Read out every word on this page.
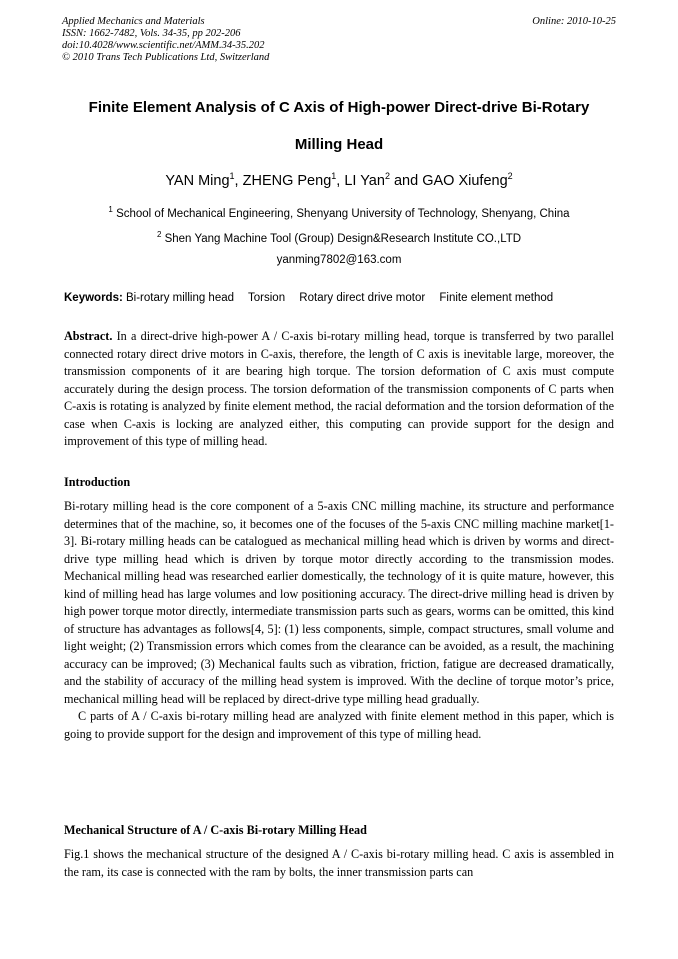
Applied Mechanics and Materials
ISSN: 1662-7482, Vols. 34-35, pp 202-206
doi:10.4028/www.scientific.net/AMM.34-35.202
© 2010 Trans Tech Publications Ltd, Switzerland
Online: 2010-10-25
Finite Element Analysis of C Axis of High-power Direct-drive Bi-Rotary
Milling Head
YAN Ming$^1$, ZHENG Peng$^1$, LI Yan$^2$ and GAO Xiufeng$^2$
$^1$ School of Mechanical Engineering, Shenyang University of Technology, Shenyang, China
$^2$ Shen Yang Machine Tool (Group) Design&Research Institute CO.,LTD
yanming7802@163.com
Keywords: Bi-rotary milling head Torsion Rotary direct drive motor Finite element method

Abstract. In a direct-drive high-power A / C-axis bi-rotary milling head, torque is transferred by two parallel connected rotary direct drive motors in C-axis, therefore, the length of C axis is inevitable large, moreover, the transmission components of it are bearing high torque. The torsion deformation of C axis must compute accurately during the design process. The torsion deformation of the transmission components of C parts when C-axis is rotating is analyzed by finite element method, the racial deformation and the torsion deformation of the case when C-axis is locking are analyzed either, this computing can provide support for the design and improvement of this type of milling head.

Introduction

Bi-rotary milling head is the core component of a 5-axis CNC milling machine, its structure and performance determines that of the machine, so, it becomes one of the focuses of the 5-axis CNC milling machine market[1-3]. Bi-rotary milling heads can be catalogued as mechanical milling head which is driven by worms and direct-drive type milling head which is driven by torque motor directly according to the transmission modes. Mechanical milling head was researched earlier domestically, the technology of it is quite mature, however, this kind of milling head has large volumes and low positioning accuracy. The direct-drive milling head is driven by high power torque motor directly, intermediate transmission parts such as gears, worms can be omitted, this kind of structure has advantages as follows[4, 5]: (1) less components, simple, compact structures, small volume and light weight; (2) Transmission errors which comes from the clearance can be avoided, as a result, the machining accuracy can be improved; (3) Mechanical faults such as vibration, friction, fatigue are decreased dramatically, and the stability of accuracy of the milling head system is improved. With the decline of torque motor’s price, mechanical milling head will be replaced by direct-drive type milling head gradually.

C parts of A / C-axis bi-rotary milling head are analyzed with finite element method in this paper, which is going to provide support for the design and improvement of this type of milling head.

Mechanical Structure of A / C-axis Bi-rotary Milling Head

Fig.1 shows the mechanical structure of the designed A / C-axis bi-rotary milling head. C axis is assembled in the ram, its case is connected with the ram by bolts, the inner transmission parts can
